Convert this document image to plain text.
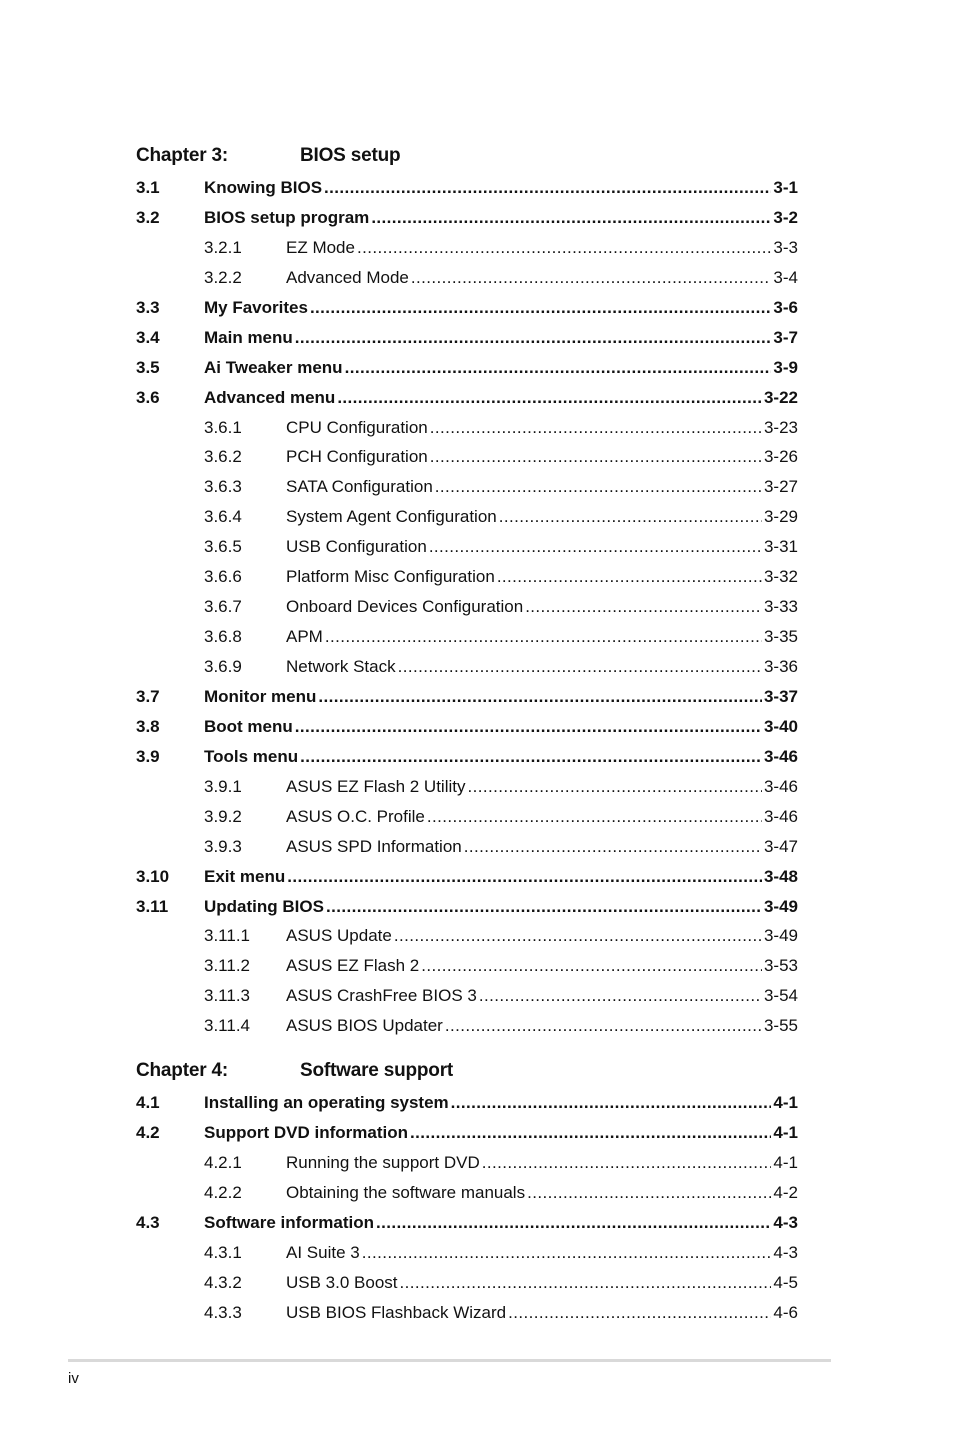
Chapter 3:	BIOS setup
3.1	Knowing BIOS .....	3-1
3.2	BIOS setup program .....	3-2
3.2.1	EZ Mode .....	3-3
3.2.2	Advanced Mode .....	3-4
3.3	My Favorites .....	3-6
3.4	Main menu .....	3-7
3.5	Ai Tweaker menu .....	3-9
3.6	Advanced menu .....	3-22
3.6.1	CPU Configuration .....	3-23
3.6.2	PCH Configuration .....	3-26
3.6.3	SATA Configuration .....	3-27
3.6.4	System Agent Configuration .....	3-29
3.6.5	USB Configuration .....	3-31
3.6.6	Platform Misc Configuration .....	3-32
3.6.7	Onboard Devices Configuration .....	3-33
3.6.8	APM .....	3-35
3.6.9	Network Stack .....	3-36
3.7	Monitor menu .....	3-37
3.8	Boot menu .....	3-40
3.9	Tools menu .....	3-46
3.9.1	ASUS EZ Flash 2 Utility .....	3-46
3.9.2	ASUS O.C. Profile .....	3-46
3.9.3	ASUS SPD Information .....	3-47
3.10 Exit menu .....	3-48
3.11 Updating BIOS .....	3-49
3.11.1 ASUS Update .....	3-49
3.11.2 ASUS EZ Flash 2 .....	3-53
3.11.3 ASUS CrashFree BIOS 3 .....	3-54
3.11.4 ASUS BIOS Updater .....	3-55
Chapter 4:	Software support
4.1	Installing an operating system .....	4-1
4.2	Support DVD information .....	4-1
4.2.1	Running the support DVD .....	4-1
4.2.2	Obtaining the software manuals .....	4-2
4.3	Software information .....	4-3
4.3.1	AI Suite 3 .....	4-3
4.3.2	USB 3.0 Boost .....	4-5
4.3.3	USB BIOS Flashback Wizard .....	4-6
iv
